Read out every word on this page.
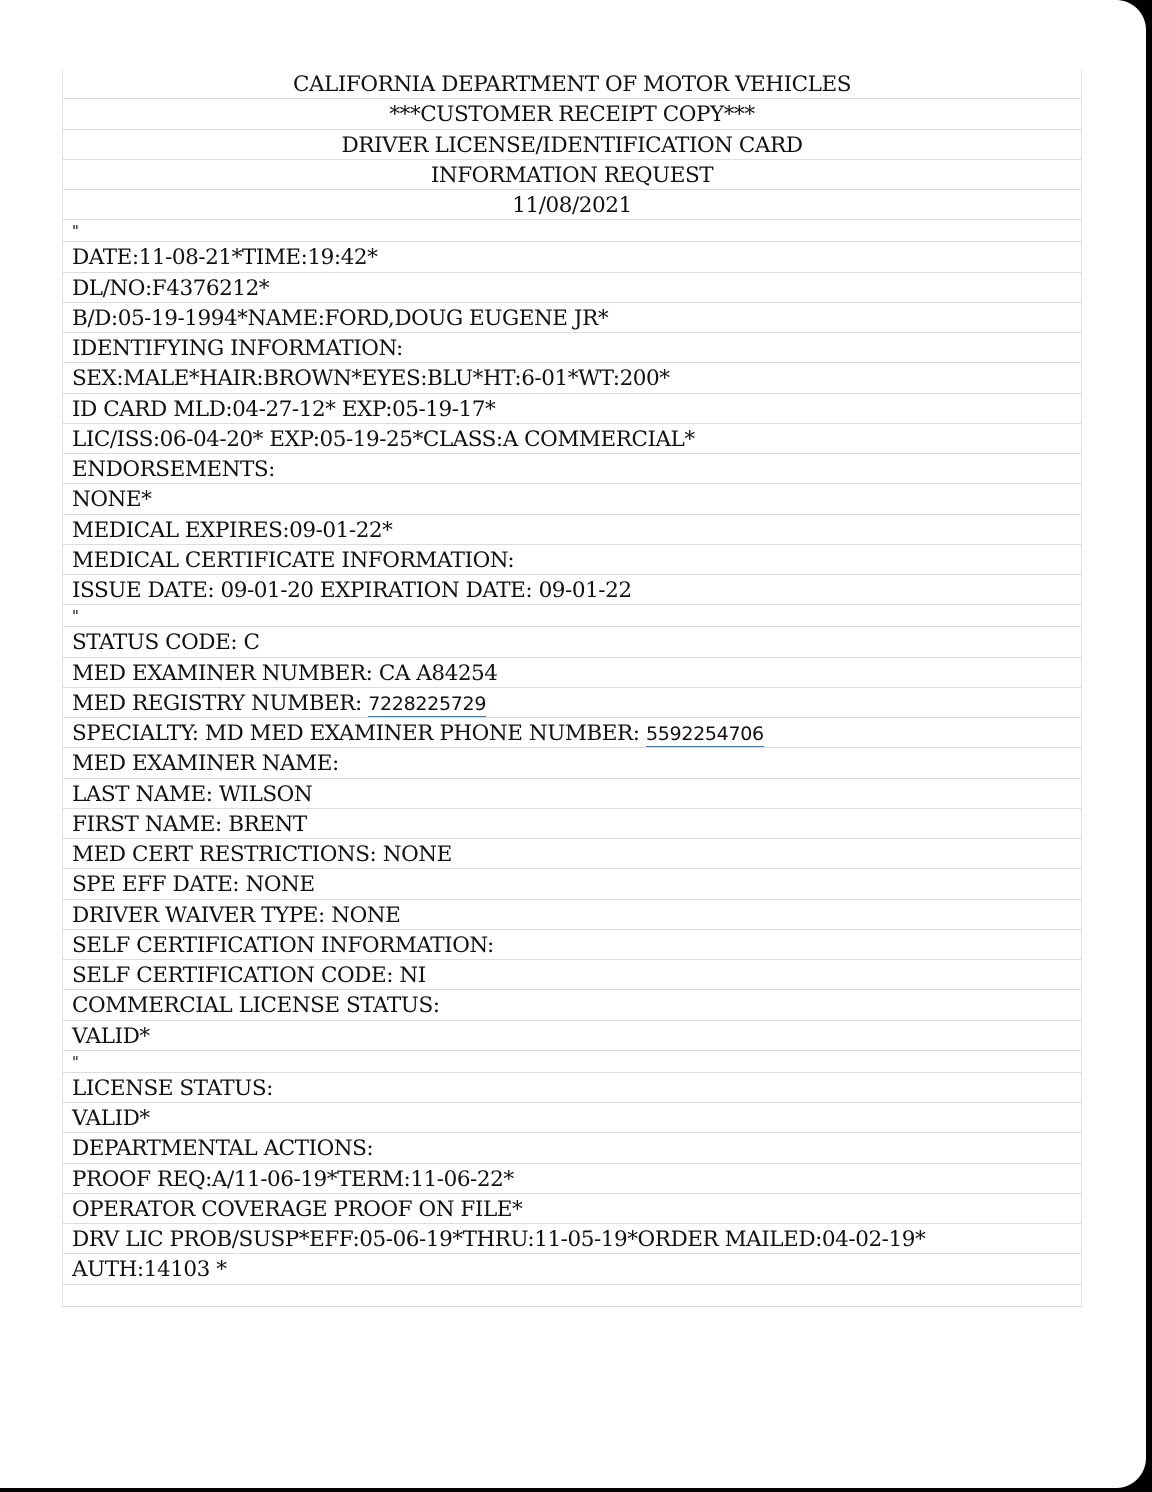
CALIFORNIA DEPARTMENT OF MOTOR VEHICLES
***CUSTOMER RECEIPT COPY***
DRIVER LICENSE/IDENTIFICATION CARD
INFORMATION REQUEST
11/08/2021
"
DATE:11-08-21*TIME:19:42*
DL/NO:F4376212*
B/D:05-19-1994*NAME:FORD,DOUG EUGENE JR*
IDENTIFYING INFORMATION:
SEX:MALE*HAIR:BROWN*EYES:BLU*HT:6-01*WT:200*
ID CARD MLD:04-27-12* EXP:05-19-17*
LIC/ISS:06-04-20* EXP:05-19-25*CLASS:A COMMERCIAL*
ENDORSEMENTS:
NONE*
MEDICAL EXPIRES:09-01-22*
MEDICAL CERTIFICATE INFORMATION:
ISSUE DATE: 09-01-20 EXPIRATION DATE: 09-01-22
"
STATUS CODE: C
MED EXAMINER NUMBER: CA A84254
MED REGISTRY NUMBER: 7228225729
SPECIALTY: MD MED EXAMINER PHONE NUMBER: 5592254706
MED EXAMINER NAME:
LAST NAME: WILSON
FIRST NAME: BRENT
MED CERT RESTRICTIONS: NONE
SPE EFF DATE: NONE
DRIVER WAIVER TYPE: NONE
SELF CERTIFICATION INFORMATION:
SELF CERTIFICATION CODE: NI
COMMERCIAL LICENSE STATUS:
VALID*
"
LICENSE STATUS:
VALID*
DEPARTMENTAL ACTIONS:
PROOF REQ:A/11-06-19*TERM:11-06-22*
OPERATOR COVERAGE PROOF ON FILE*
DRV LIC PROB/SUSP*EFF:05-06-19*THRU:11-05-19*ORDER MAILED:04-02-19*
AUTH:14103 *
